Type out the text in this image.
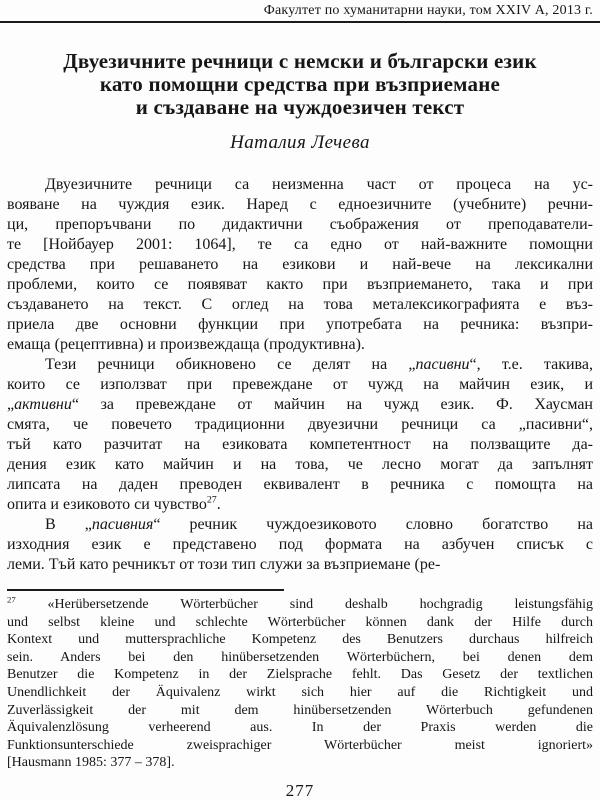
Факултет по хуманитарни науки, том XXIV А, 2013 г.
Двуезичните речници с немски и български език
като помощни средства при възприемане
и създаване на чуждоезичен текст
Наталия Лечева
Двуезичните речници са неизменна част от процеса на ус-
вояване на чуждия език. Наред с едноезичните (учебните) речни-
ци, препоръчвани по дидактични съображения от преподаватели-
те [Нойбауер 2001: 1064], те са едно от най-важните помощни
средства при решаването на езикови и най-вече на лексикални
проблеми, които се появяват както при възприемането, така и при
създаването на текст. С оглед на това металексикографията е въз-
приела две основни функции при употребата на речника: възпри-
емаща (рецептивна) и произвеждаща (продуктивна).
Тези речници обикновено се делят на „пасивни“, т.е. такива,
които се използват при превеждане от чужд на майчин език, и
„активни“ за превеждане от майчин на чужд език. Ф. Хаусман
смята, че повечето традиционни двуезични речници са „пасивни“,
тъй като разчитат на езиковата компетентност на ползващите да-
дения език като майчин и на това, че лесно могат да запълнят
липсата на даден преводен еквивалент в речника с помощта на
опита и езиковото си чувство$^{27}$.
В „пасивния“ речник чуждоезиковото словно богатство на
изходния език е представено под формата на азбучен списък с
леми. Тъй като речникът от този тип служи за възприемане (ре-
$^{27}$ «Herübersetzende Wörterbücher sind deshalb hochgradig leistungsfähig
und selbst kleine und schlechte Wörterbücher können dank der Hilfe durch
Kontext und muttersprachliche Kompetenz des Benutzers durchaus hilfreich
sein. Anders bei den hinübersetzenden Wörterbüchern, bei denen dem
Benutzer die Kompetenz in der Zielsprache fehlt. Das Gesetz der textlichen
Unendlichkeit der Äquivalenz wirkt sich hier auf die Richtigkeit und
Zuverlässigkeit der mit dem hinübersetzenden Wörterbuch gefundenen
Äquivalenzlösung verheerend aus. In der Praxis werden die
Funktionsunterschiede zweisprachiger Wörterbücher meist ignoriert»
[Hausmann 1985: 377 – 378].
277
